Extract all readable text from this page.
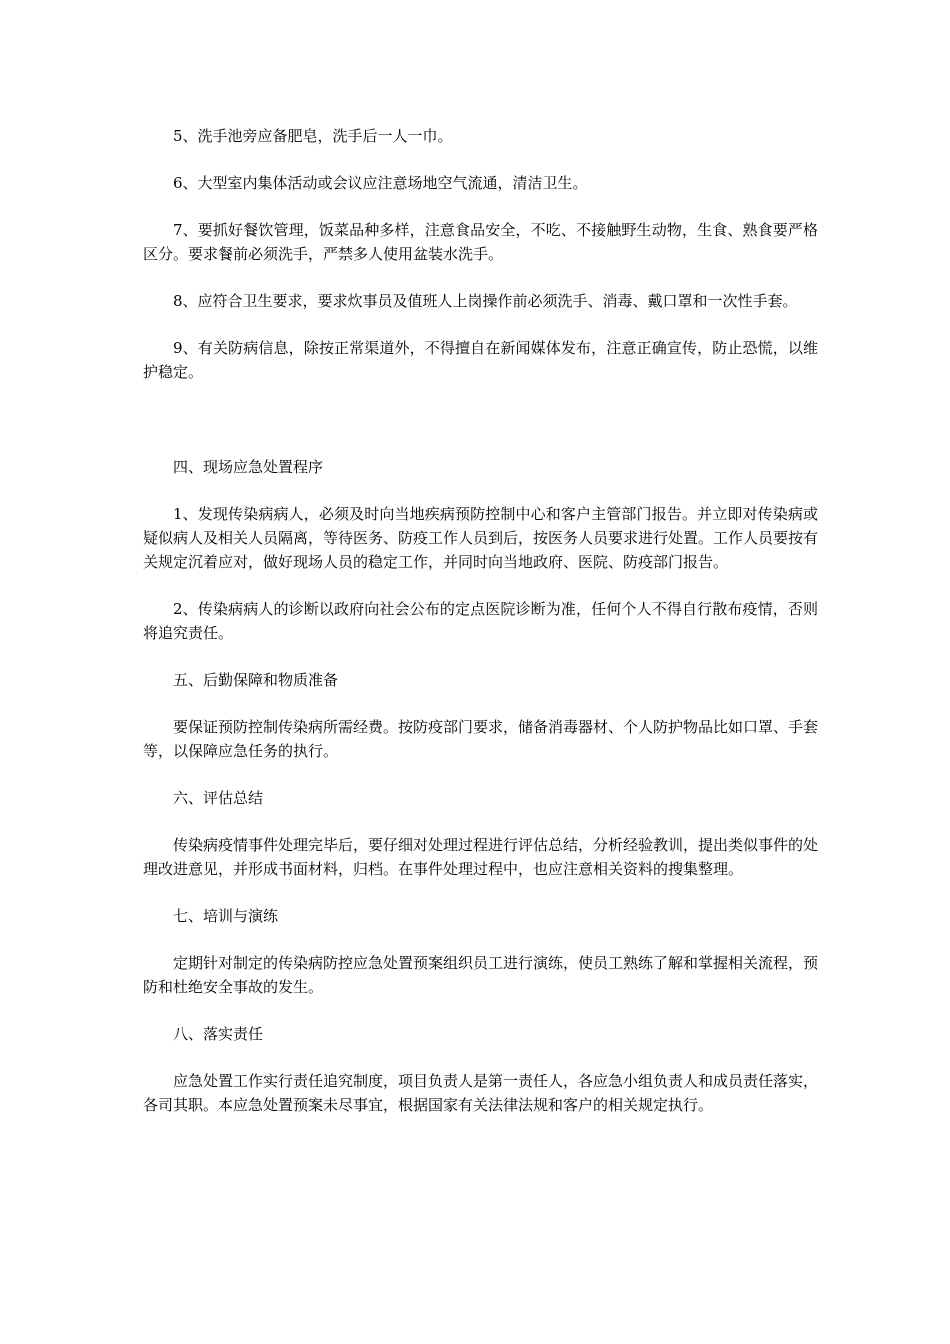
5、洗手池旁应备肥皂，洗手后一人一巾。

6、大型室内集体活动或会议应注意场地空气流通，清洁卫生。

7、要抓好餐饮管理，饭菜品种多样，注意食品安全，不吃、不接触野生动物，生食、熟食要严格区分。要求餐前必须洗手，严禁多人使用盆装水洗手。

8、应符合卫生要求，要求炊事员及值班人上岗操作前必须洗手、消毒、戴口罩和一次性手套。

9、有关防病信息，除按正常渠道外，不得擅自在新闻媒体发布，注意正确宣传，防止恐慌，以维护稳定。

四、现场应急处置程序

1、发现传染病病人，必须及时向当地疾病预防控制中心和客户主管部门报告。并立即对传染病或疑似病人及相关人员隔离，等待医务、防疫工作人员到后，按医务人员要求进行处置。工作人员要按有关规定沉着应对，做好现场人员的稳定工作，并同时向当地政府、医院、防疫部门报告。

2、传染病病人的诊断以政府向社会公布的定点医院诊断为准，任何个人不得自行散布疫情，否则将追究责任。

五、后勤保障和物质准备

要保证预防控制传染病所需经费。按防疫部门要求，储备消毒器材、个人防护物品比如口罩、手套等，以保障应急任务的执行。

六、评估总结

传染病疫情事件处理完毕后，要仔细对处理过程进行评估总结，分析经验教训，提出类似事件的处理改进意见，并形成书面材料，归档。在事件处理过程中，也应注意相关资料的搜集整理。

七、培训与演练

定期针对制定的传染病防控应急处置预案组织员工进行演练，使员工熟练了解和掌握相关流程，预防和杜绝安全事故的发生。

八、落实责任

应急处置工作实行责任追究制度，项目负责人是第一责任人，各应急小组负责人和成员责任落实，各司其职。本应急处置预案未尽事宜，根据国家有关法律法规和客户的相关规定执行。
